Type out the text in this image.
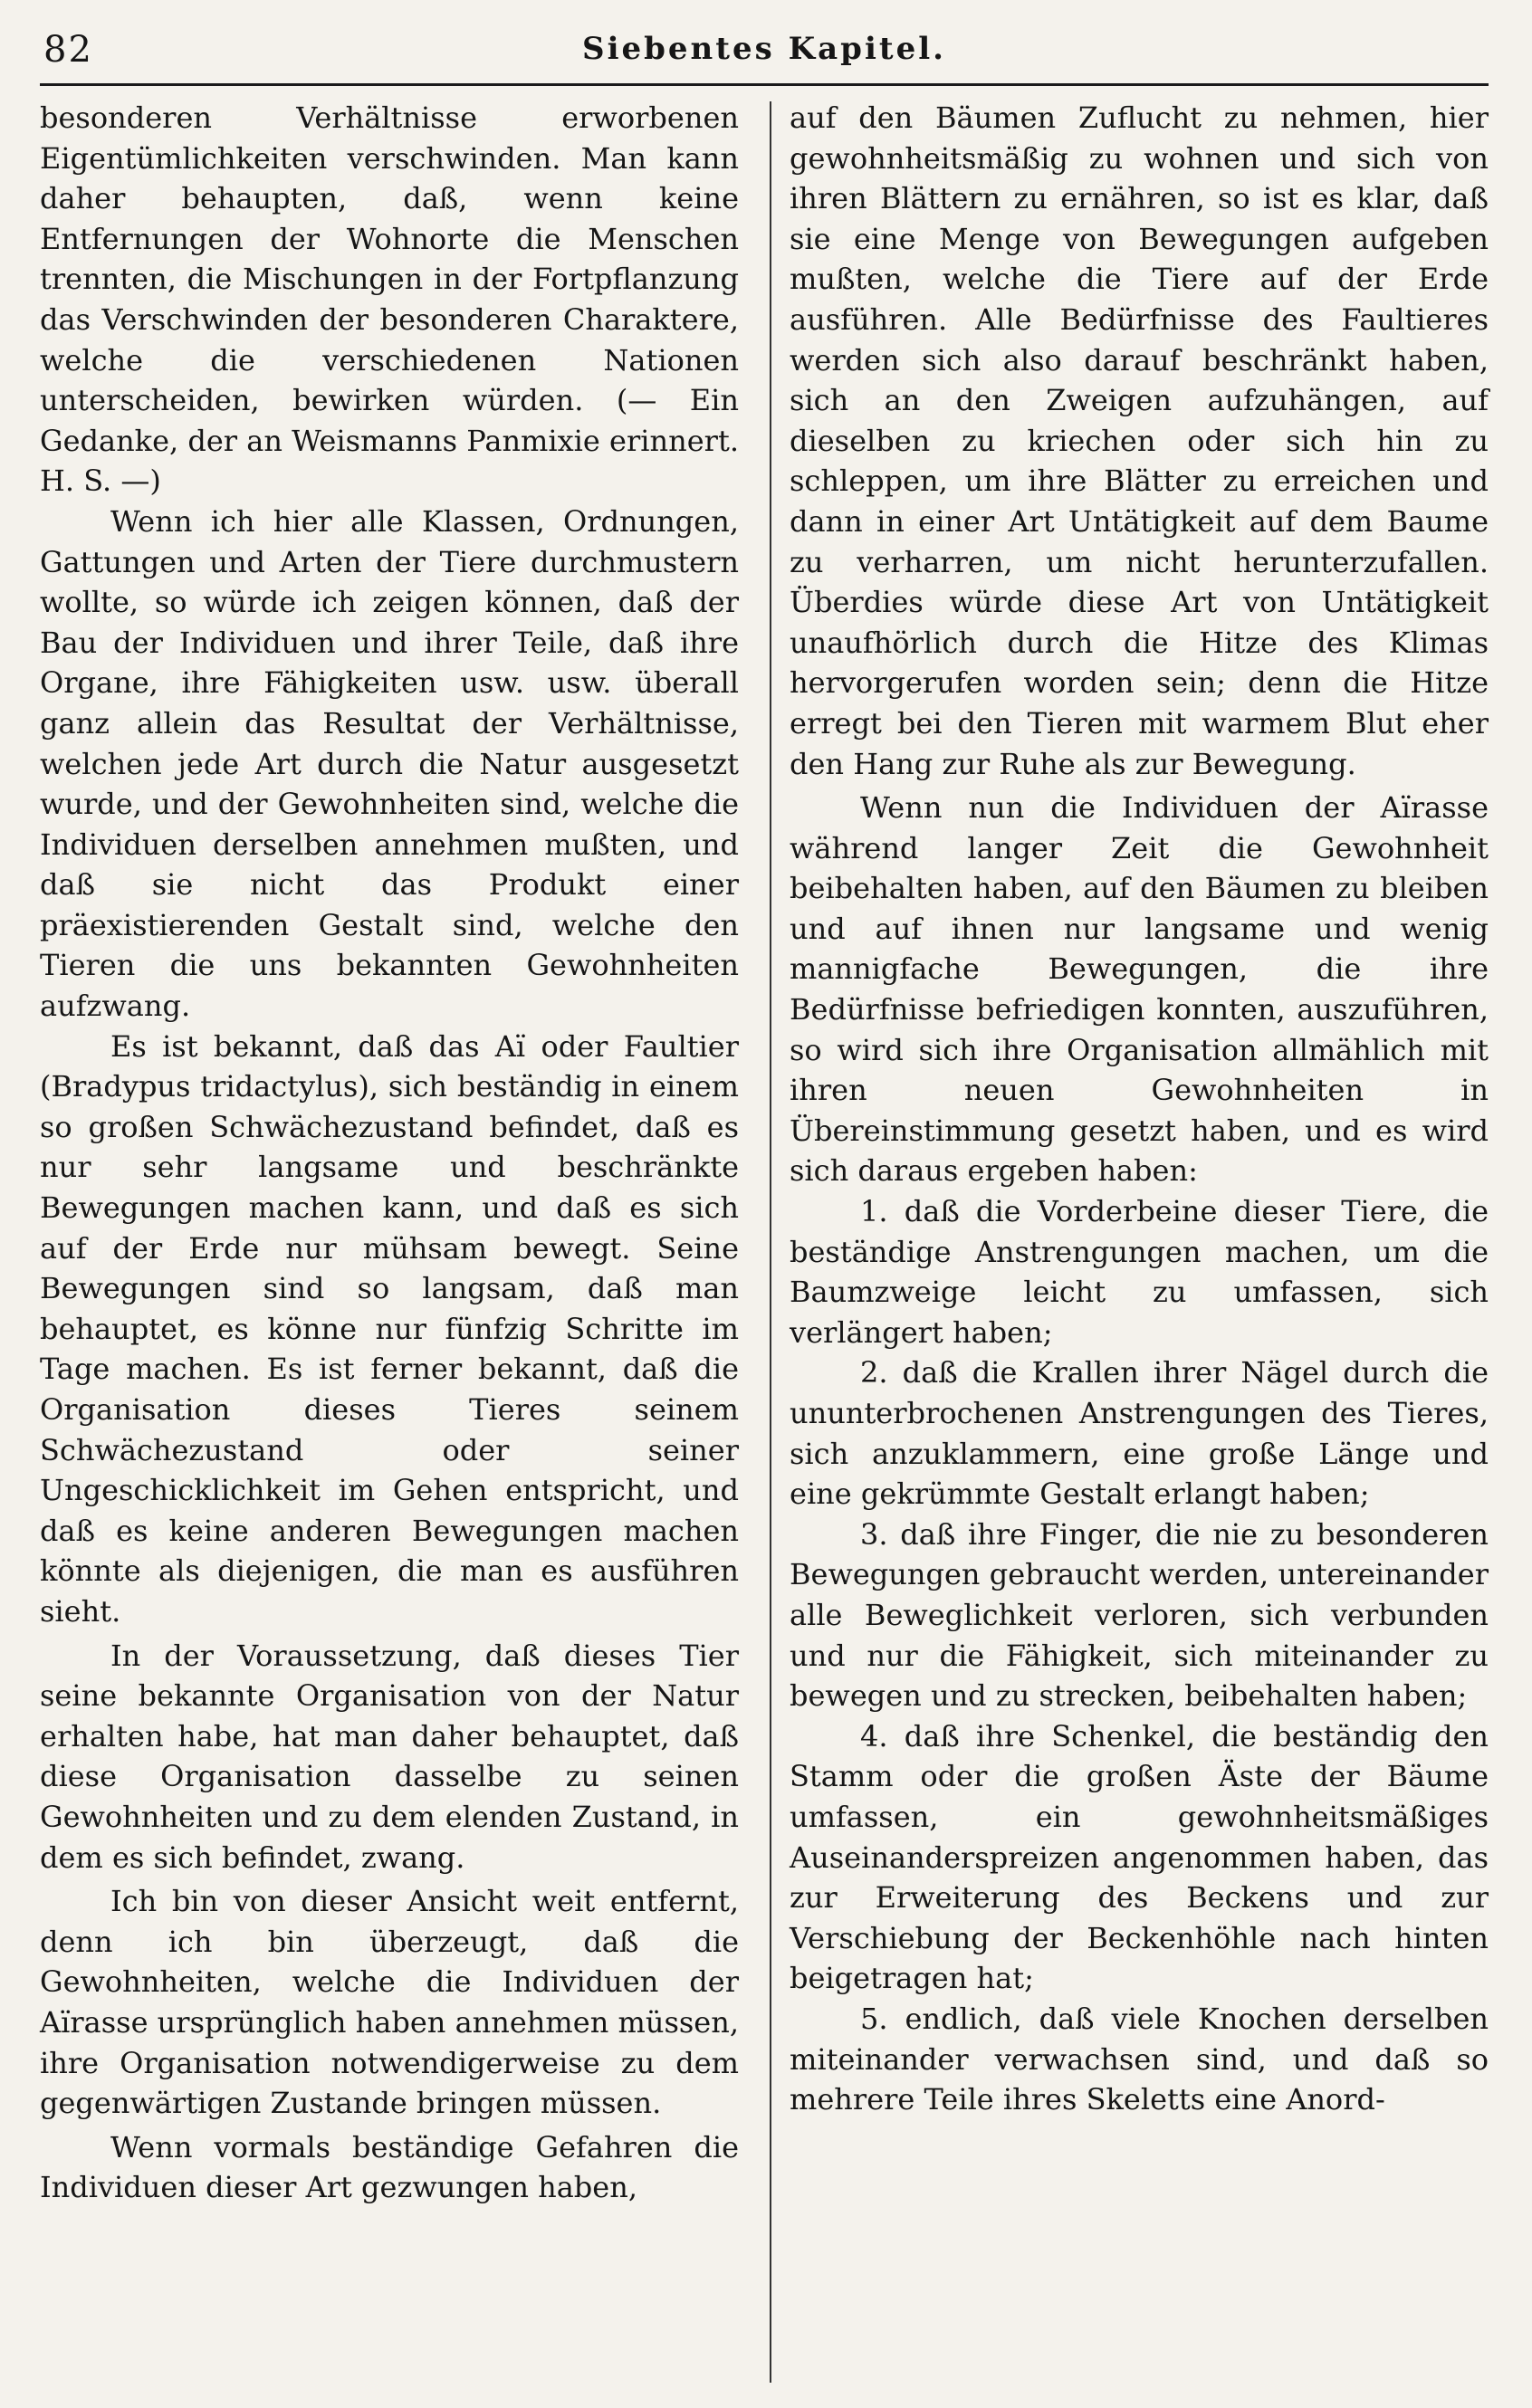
82	Siebentes Kapitel.

besonderen Verhältnisse erworbenen Eigentümlichkeiten verschwinden. Man kann daher behaupten, daß, wenn keine Entfernungen der Wohnorte die Menschen trennten, die Mischungen in der Fortpflanzung das Verschwinden der besonderen Charaktere, welche die verschiedenen Nationen unterscheiden, bewirken würden. (— Ein Gedanke, der an Weismanns Panmixie erinnert. H. S. —)

Wenn ich hier alle Klassen, Ordnungen, Gattungen und Arten der Tiere durchmustern wollte, so würde ich zeigen können, daß der Bau der Individuen und ihrer Teile, daß ihre Organe, ihre Fähigkeiten usw. usw. überall ganz allein das Resultat der Verhältnisse, welchen jede Art durch die Natur ausgesetzt wurde, und der Gewohnheiten sind, welche die Individuen derselben annehmen mußten, und daß sie nicht das Produkt einer präexistierenden Gestalt sind, welche den Tieren die uns bekannten Gewohnheiten aufzwang.

Es ist bekannt, daß das Aï oder Faultier (Bradypus tridactylus), sich beständig in einem so großen Schwächezustand befindet, daß es nur sehr langsame und beschränkte Bewegungen machen kann, und daß es sich auf der Erde nur mühsam bewegt. Seine Bewegungen sind so langsam, daß man behauptet, es könne nur fünfzig Schritte im Tage machen. Es ist ferner bekannt, daß die Organisation dieses Tieres seinem Schwächezustand oder seiner Ungeschicklichkeit im Gehen entspricht, und daß es keine anderen Bewegungen machen könnte als diejenigen, die man es ausführen sieht.

In der Voraussetzung, daß dieses Tier seine bekannte Organisation von der Natur erhalten habe, hat man daher behauptet, daß diese Organisation dasselbe zu seinen Gewohnheiten und zu dem elenden Zustand, in dem es sich befindet, zwang.

Ich bin von dieser Ansicht weit entfernt, denn ich bin überzeugt, daß die Gewohnheiten, welche die Individuen der Aïrasse ursprünglich haben annehmen müssen, ihre Organisation notwendigerweise zu dem gegenwärtigen Zustande bringen müssen.

Wenn vormals beständige Gefahren die Individuen dieser Art gezwungen haben,

auf den Bäumen Zuflucht zu nehmen, hier gewohnheitsmäßig zu wohnen und sich von ihren Blättern zu ernähren, so ist es klar, daß sie eine Menge von Bewegungen aufgeben mußten, welche die Tiere auf der Erde ausführen. Alle Bedürfnisse des Faultieres werden sich also darauf beschränkt haben, sich an den Zweigen aufzuhängen, auf dieselben zu kriechen oder sich hin zu schleppen, um ihre Blätter zu erreichen und dann in einer Art Untätigkeit auf dem Baume zu verharren, um nicht herunterzufallen. Überdies würde diese Art von Untätigkeit unaufhörlich durch die Hitze des Klimas hervorgerufen worden sein; denn die Hitze erregt bei den Tieren mit warmem Blut eher den Hang zur Ruhe als zur Bewegung.

Wenn nun die Individuen der Aïrasse während langer Zeit die Gewohnheit beibehalten haben, auf den Bäumen zu bleiben und auf ihnen nur langsame und wenig mannigfache Bewegungen, die ihre Bedürfnisse befriedigen konnten, auszuführen, so wird sich ihre Organisation allmählich mit ihren neuen Gewohnheiten in Übereinstimmung gesetzt haben, und es wird sich daraus ergeben haben:

1. daß die Vorderbeine dieser Tiere, die beständige Anstrengungen machen, um die Baumzweige leicht zu umfassen, sich verlängert haben;

2. daß die Krallen ihrer Nägel durch die ununterbrochenen Anstrengungen des Tieres, sich anzuklammern, eine große Länge und eine gekrümmte Gestalt erlangt haben;

3. daß ihre Finger, die nie zu besonderen Bewegungen gebraucht werden, untereinander alle Beweglichkeit verloren, sich verbunden und nur die Fähigkeit, sich miteinander zu bewegen und zu strecken, beibehalten haben;

4. daß ihre Schenkel, die beständig den Stamm oder die großen Äste der Bäume umfassen, ein gewohnheitsmäßiges Auseinanderspreizen angenommen haben, das zur Erweiterung des Beckens und zur Verschiebung der Beckenhöhle nach hinten beigetragen hat;

5. endlich, daß viele Knochen derselben miteinander verwachsen sind, und daß so mehrere Teile ihres Skeletts eine Anord-
